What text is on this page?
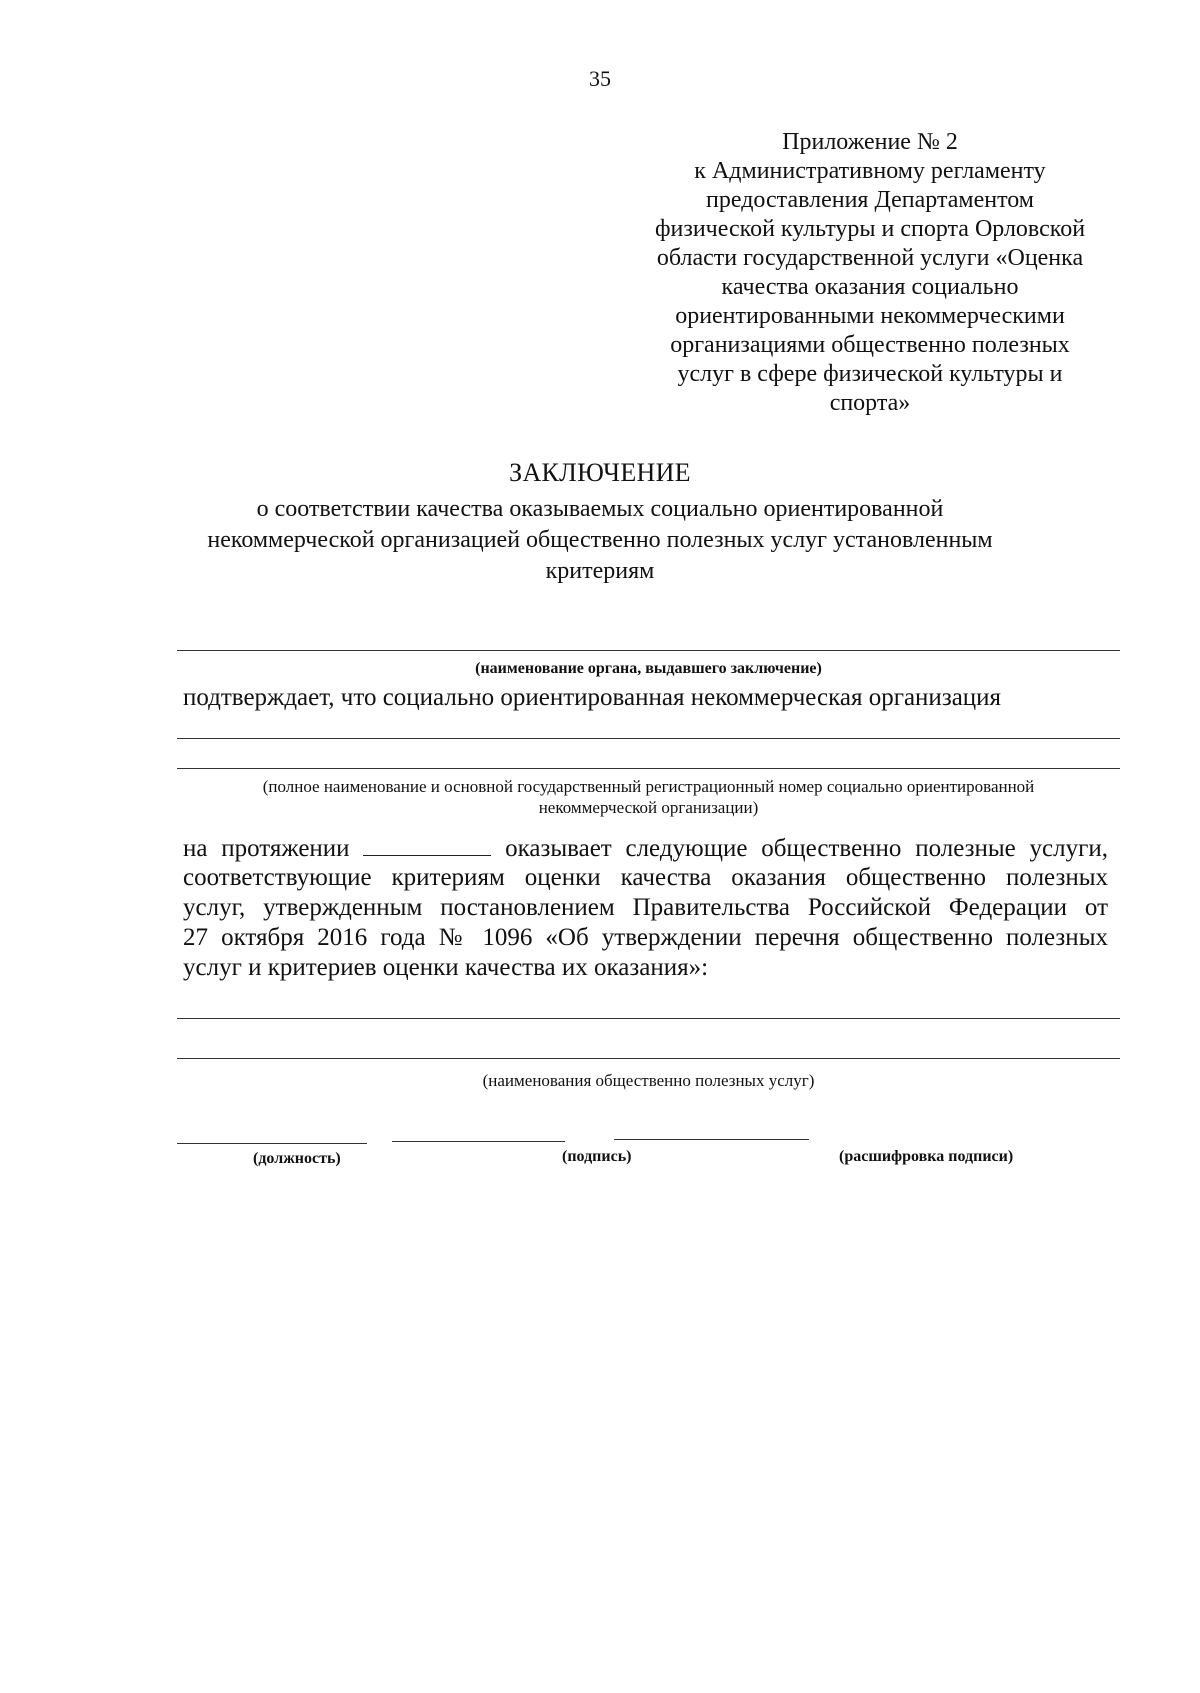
35
Приложение № 2
к Административному регламенту
предоставления Департаментом
физической культуры и спорта Орловской
области государственной услуги «Оценка
качества оказания социально
ориентированными некоммерческими
организациями общественно полезных
услуг в сфере физической культуры и
спорта»
ЗАКЛЮЧЕНИЕ
о соответствии качества оказываемых социально ориентированной
некоммерческой организацией общественно полезных услуг установленным
критериям
(наименование органа, выдавшего заключение)
подтверждает, что социально ориентированная некоммерческая организация
(полное наименование и основной государственный регистрационный номер социально ориентированной
некоммерческой организации)
на протяжении	оказывает следующие общественно полезные услуги,
соответствующие критериям оценки качества оказания общественно полезных
услуг, утвержденным постановлением Правительства Российской Федерации от
27 октября 2016 года № 1096 «Об утверждении перечня общественно полезных
услуг и критериев оценки качества их оказания»:
(наименования общественно полезных услуг)
(должность)	(подпись)	(расшифровка подписи)
